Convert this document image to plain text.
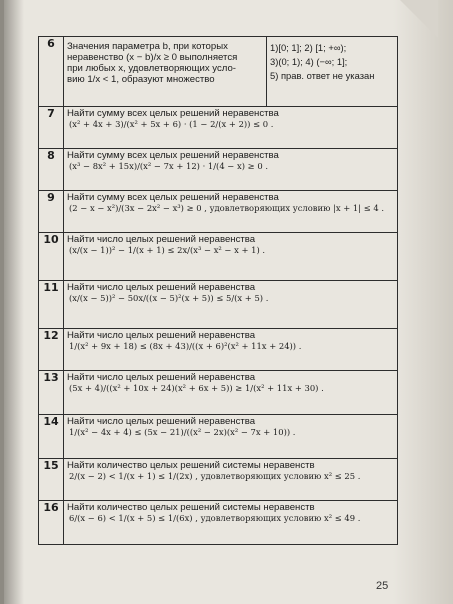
6	Значения параметра b, при которых
неравенство (x − b)/x ≥ 0 выполняется
при любых x, удовлетворяющих усло-
вию 1/x < 1, образуют множество	1)[0; 1]; 2) [1; +∞);
3)(0; 1); 4) (−∞; 1];
5) прав. ответ не указан

7	Найти сумму всех целых решений неравенства
(x² + 4x + 3)/(x² + 5x + 6) · (1 − 2/(x + 2)) ≤ 0 .	

8	Найти сумму всех целых решений неравенства
(x³ − 8x² + 15x)/(x² − 7x + 12) · 1/(4 − x) ≥ 0 .	

9	Найти сумму всех целых решений неравенства
(2 − x − x²)/(3x − 2x² − x³) ≥ 0 , удовлетворяющих условию |x + 1| ≤ 4 .	

10	Найти число целых решений неравенства
(x/(x − 1))² − 1/(x + 1) ≤ 2x/(x³ − x² − x + 1) .	

11	Найти число целых решений неравенства
(x/(x − 5))² − 50x/((x − 5)²(x + 5)) ≤ 5/(x + 5) .	

12	Найти число целых решений неравенства
1/(x² + 9x + 18) ≤ (8x + 43)/((x + 6)²(x² + 11x + 24)) .	

13	Найти число целых решений неравенства
(5x + 4)/((x² + 10x + 24)(x² + 6x + 5)) ≥ 1/(x² + 11x + 30) .	

14	Найти число целых решений неравенства
1/(x² − 4x + 4) ≤ (5x − 21)/((x² − 2x)(x² − 7x + 10)) .	

15	Найти количество целых решений системы неравенств
2/(x − 2) < 1/(x + 1) ≤ 1/(2x) , удовлетворяющих условию x² ≤ 25 .	

16	Найти количество целых решений системы неравенств
6/(x − 6) < 1/(x + 5) ≤ 1/(6x) , удовлетворяющих условию x² ≤ 49 .	
25
